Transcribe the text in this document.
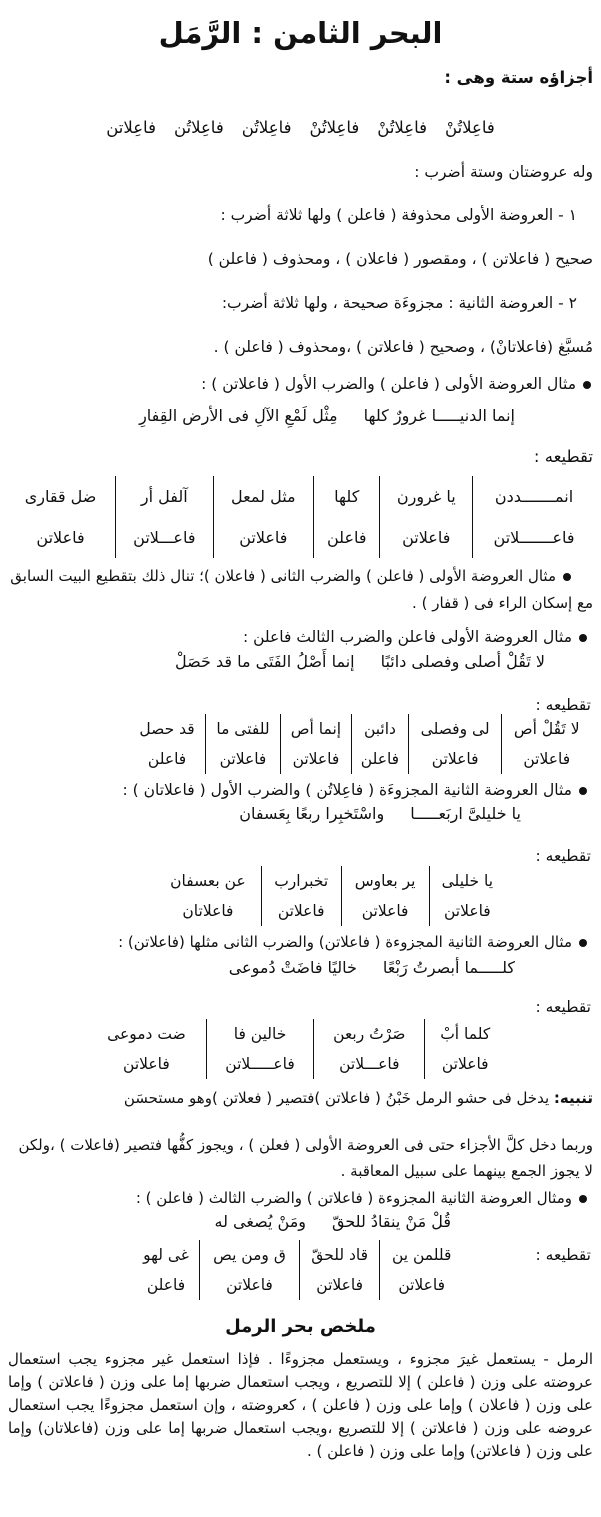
البحر الثامن : الرَّمَل
أجزاؤه ستة وهى :
فاعِلاتُنْ
فاعِلاتُنْ
فاعِلاتُنْ
فاعِلاتُن
فاعِلاتُن
فاعِلاتن
وله عروضتان وستة أضرب :
١ - العروضة الأولى محذوفة ( فاعلن ) ولها ثلاثة أضرب :
صحيح ( فاعلاتن ) ، ومقصور ( فاعلان ) ، ومحذوف ( فاعلن )
٢ - العروضة الثانية : مجزوءَة صحيحة ، ولها ثلاثة أضرب:
مُسبَّغ (فاعلاتانْ) ، وصحيح ( فاعلاتن ) ،ومحذوف ( فاعلن ) .
مثال العروضة الأولى ( فاعلن ) والضرب الأول ( فاعلاتن ) :
إنما الدنيـــــا غرورٌ كلها
مِثْل لَمْعِ الآلِ فى الأرض القِفارِ
تقطيعه :
انمـــــــددن	يا غرورن	كلها	مثل لمعل	آلفل أر	ضل ققارى
فاعـــــــلاتن	فاعلاتن	فاعلن	فاعلاتن	فاعـــلاتن	فاعلاتن
مثال العروضة الأولى ( فاعلن ) والضرب الثانى ( فاعلان )؛ تنال ذلك بتقطيع البيت السابق مع إسكان الراء فى ( قفار ) .
مثال العروضة الأولى فاعلن والضرب الثالث فاعلن :
لا تَقُلْ أصلى وفصلى دائبًا
إنما أَصْلُ الفَتَى ما قد حَصَلْ
تقطيعه :
لا تَقُلْ أص	لى وفصلى	دائبن	إنما أص	للفتى ما	قد حصل
فاعلاتن	فاعلاتن	فاعلن	فاعلاتن	فاعلاتن	فاعلن
مثال العروضة الثانية المجزوءَة ( فاعِلاتُن ) والضرب الأول ( فاعلاتان ) :
يا خليلىَّ اربَعـــــا
واسْتَخبِرا ربعًا بِعَسفان
تقطيعه :
يا خليلى	ير بعاوس	تخبرارب	عن بعسفان
فاعلاتن	فاعلاتن	فاعلاتن	فاعلاتان
مثال العروضة الثانية المجزوءة ( فاعلاتن) والضرب الثانى مثلها (فاعلاتن) :
كلـــــما أبصرتُ رَبْعًا
خاليًا فاضَتْ دُموعى
تقطيعه :
كلما أبْ	صَرْتُ ربعن	خالين فا	ضت دموعى
فاعلاتن	فاعـــلاتن	فاعـــــلاتن	فاعلاتن
تنبيه: يدخل فى حشو الرمل خَبْنُ ( فاعلاتن )فتصير ( فعلاتن )وهو مستحسَن
وربما دخل كلَّ الأجزاء حتى فى العروضة الأولى ( فعلن ) ، ويجوز كفُّها فتصير (فاعلات ) ،ولكن لا يجوز الجمع بينهما على سبيل المعاقبة .
ومثال العروضة الثانية المجزوءة ( فاعلاتن ) والضرب الثالث ( فاعلن ) :
قُلْ مَنْ ينقادُ للحقّ
ومَنْ يُصغى له
تقطيعه :
قللمن ين	قاد للحقّ	ق ومن يص	غى لهو
فاعلاتن	فاعلاتن	فاعلاتن	فاعلن
ملخص بحر الرمل
الرمل - يستعمل غيرَ مجزوء ، ويستعمل مجزوءًا . فإذا استعمل غير مجزوء يجب استعمال عروضته على وزن ( فاعلن ) إلا للتصريع ، ويجب استعمال ضربها إما على وزن ( فاعلاتن ) وإما على وزن ( فاعلان ) وإما على وزن ( فاعلن ) ، كعروضته ، وإن استعمل مجزوءًا يجب استعمال عروضه على وزن ( فاعلاتن ) إلا للتصريع ،ويجب استعمال ضربها إما على وزن (فاعلاتان) وإما على وزن ( فاعلاتن) وإما على وزن ( فاعلن ) .
